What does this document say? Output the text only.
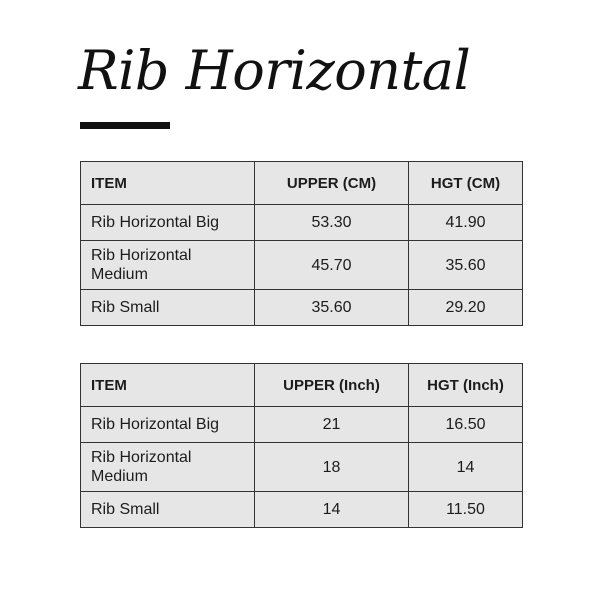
Rib Horizontal
ITEM	UPPER (CM)	HGT (CM)
Rib Horizontal Big	53.30	41.90
Rib Horizontal Medium	45.70	35.60
Rib Small	35.60	29.20
ITEM	UPPER (Inch)	HGT (Inch)
Rib Horizontal Big	21	16.50
Rib Horizontal Medium	18	14
Rib Small	14	11.50
